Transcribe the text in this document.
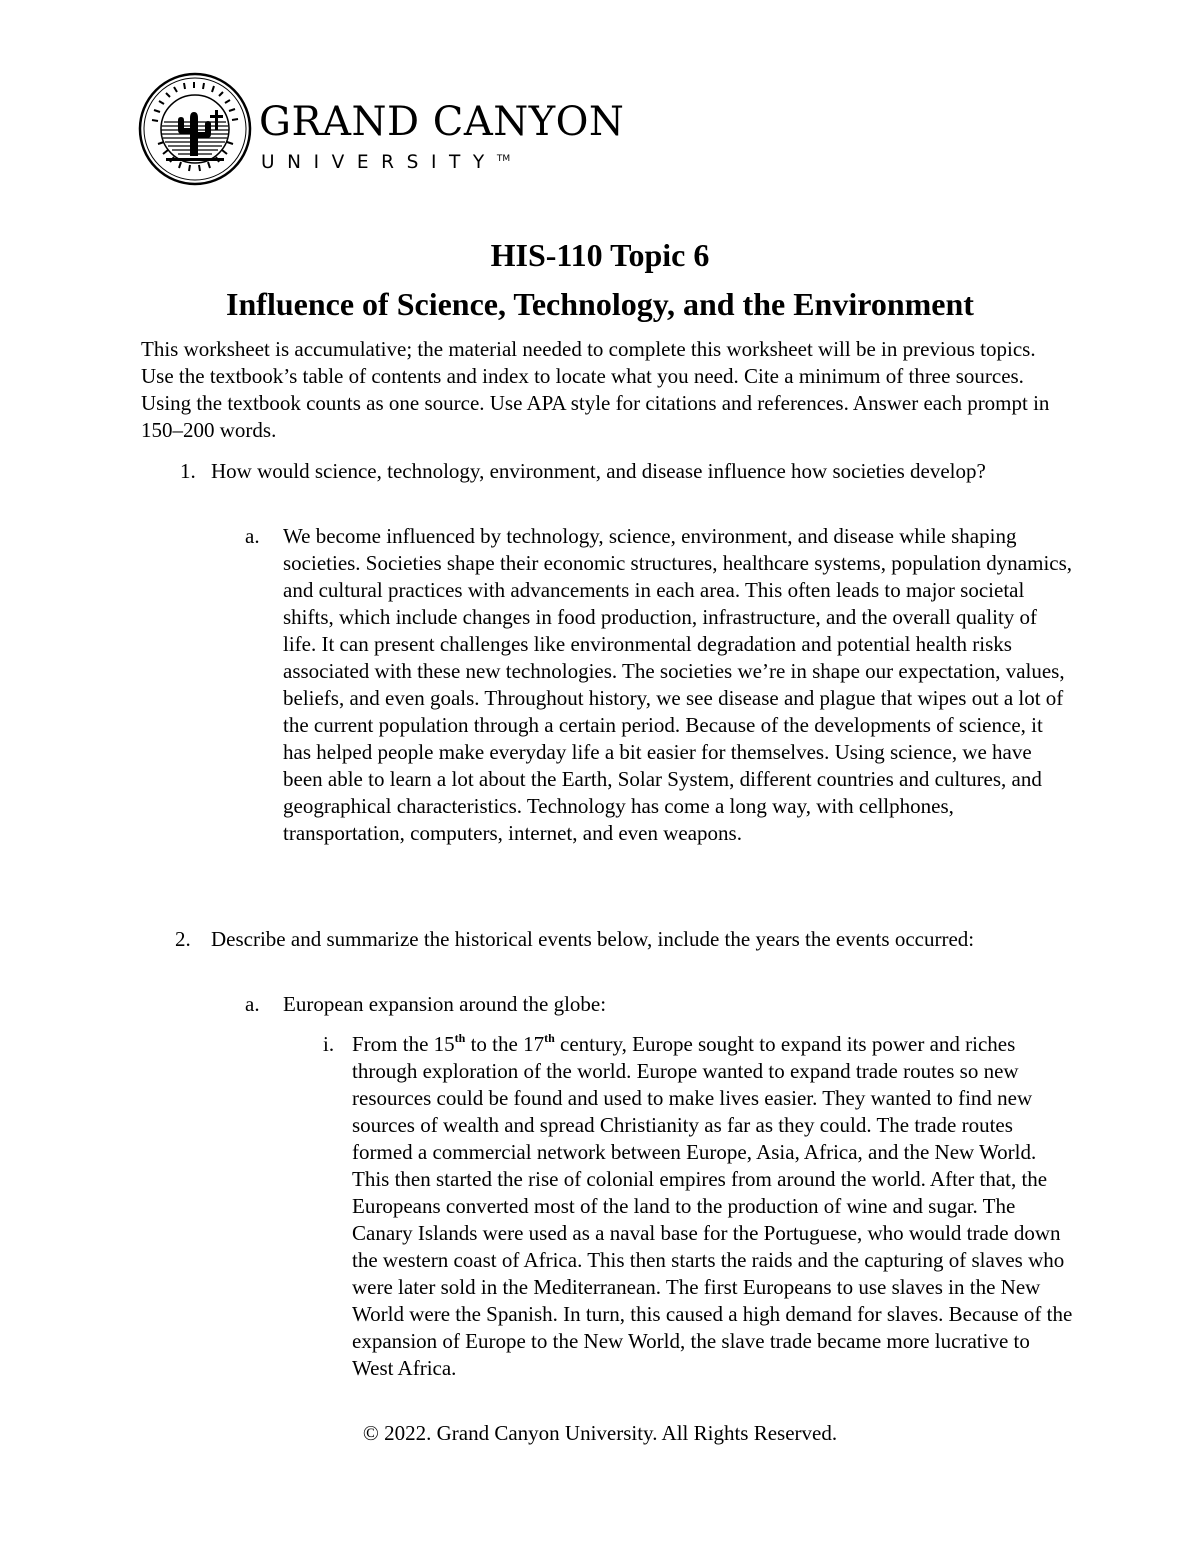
GRAND CANYON
UNIVERSITY™
HIS-110 Topic 6
Influence of Science, Technology, and the Environment

This worksheet is accumulative; the material needed to complete this worksheet will be in previous topics. Use the textbook’s table of contents and index to locate what you need. Cite a minimum of three sources. Using the textbook counts as one source. Use APA style for citations and references. Answer each prompt in 150–200 words.

1. How would science, technology, environment, and disease influence how societies develop?

a. We become influenced by technology, science, environment, and disease while shaping societies. Societies shape their economic structures, healthcare systems, population dynamics, and cultural practices with advancements in each area. This often leads to major societal shifts, which include changes in food production, infrastructure, and the overall quality of life. It can present challenges like environmental degradation and potential health risks associated with these new technologies. The societies we’re in shape our expectation, values, beliefs, and even goals. Throughout history, we see disease and plague that wipes out a lot of the current population through a certain period. Because of the developments of science, it has helped people make everyday life a bit easier for themselves. Using science, we have been able to learn a lot about the Earth, Solar System, different countries and cultures, and geographical characteristics. Technology has come a long way, with cellphones, transportation, computers, internet, and even weapons.

2. Describe and summarize the historical events below, include the years the events occurred:

a. European expansion around the globe:

i. From the 15th to the 17th century, Europe sought to expand its power and riches through exploration of the world. Europe wanted to expand trade routes so new resources could be found and used to make lives easier. They wanted to find new sources of wealth and spread Christianity as far as they could. The trade routes formed a commercial network between Europe, Asia, Africa, and the New World. This then started the rise of colonial empires from around the world. After that, the Europeans converted most of the land to the production of wine and sugar. The Canary Islands were used as a naval base for the Portuguese, who would trade down the western coast of Africa. This then starts the raids and the capturing of slaves who were later sold in the Mediterranean. The first Europeans to use slaves in the New World were the Spanish. In turn, this caused a high demand for slaves. Because of the expansion of Europe to the New World, the slave trade became more lucrative to West Africa.

© 2022. Grand Canyon University. All Rights Reserved.
